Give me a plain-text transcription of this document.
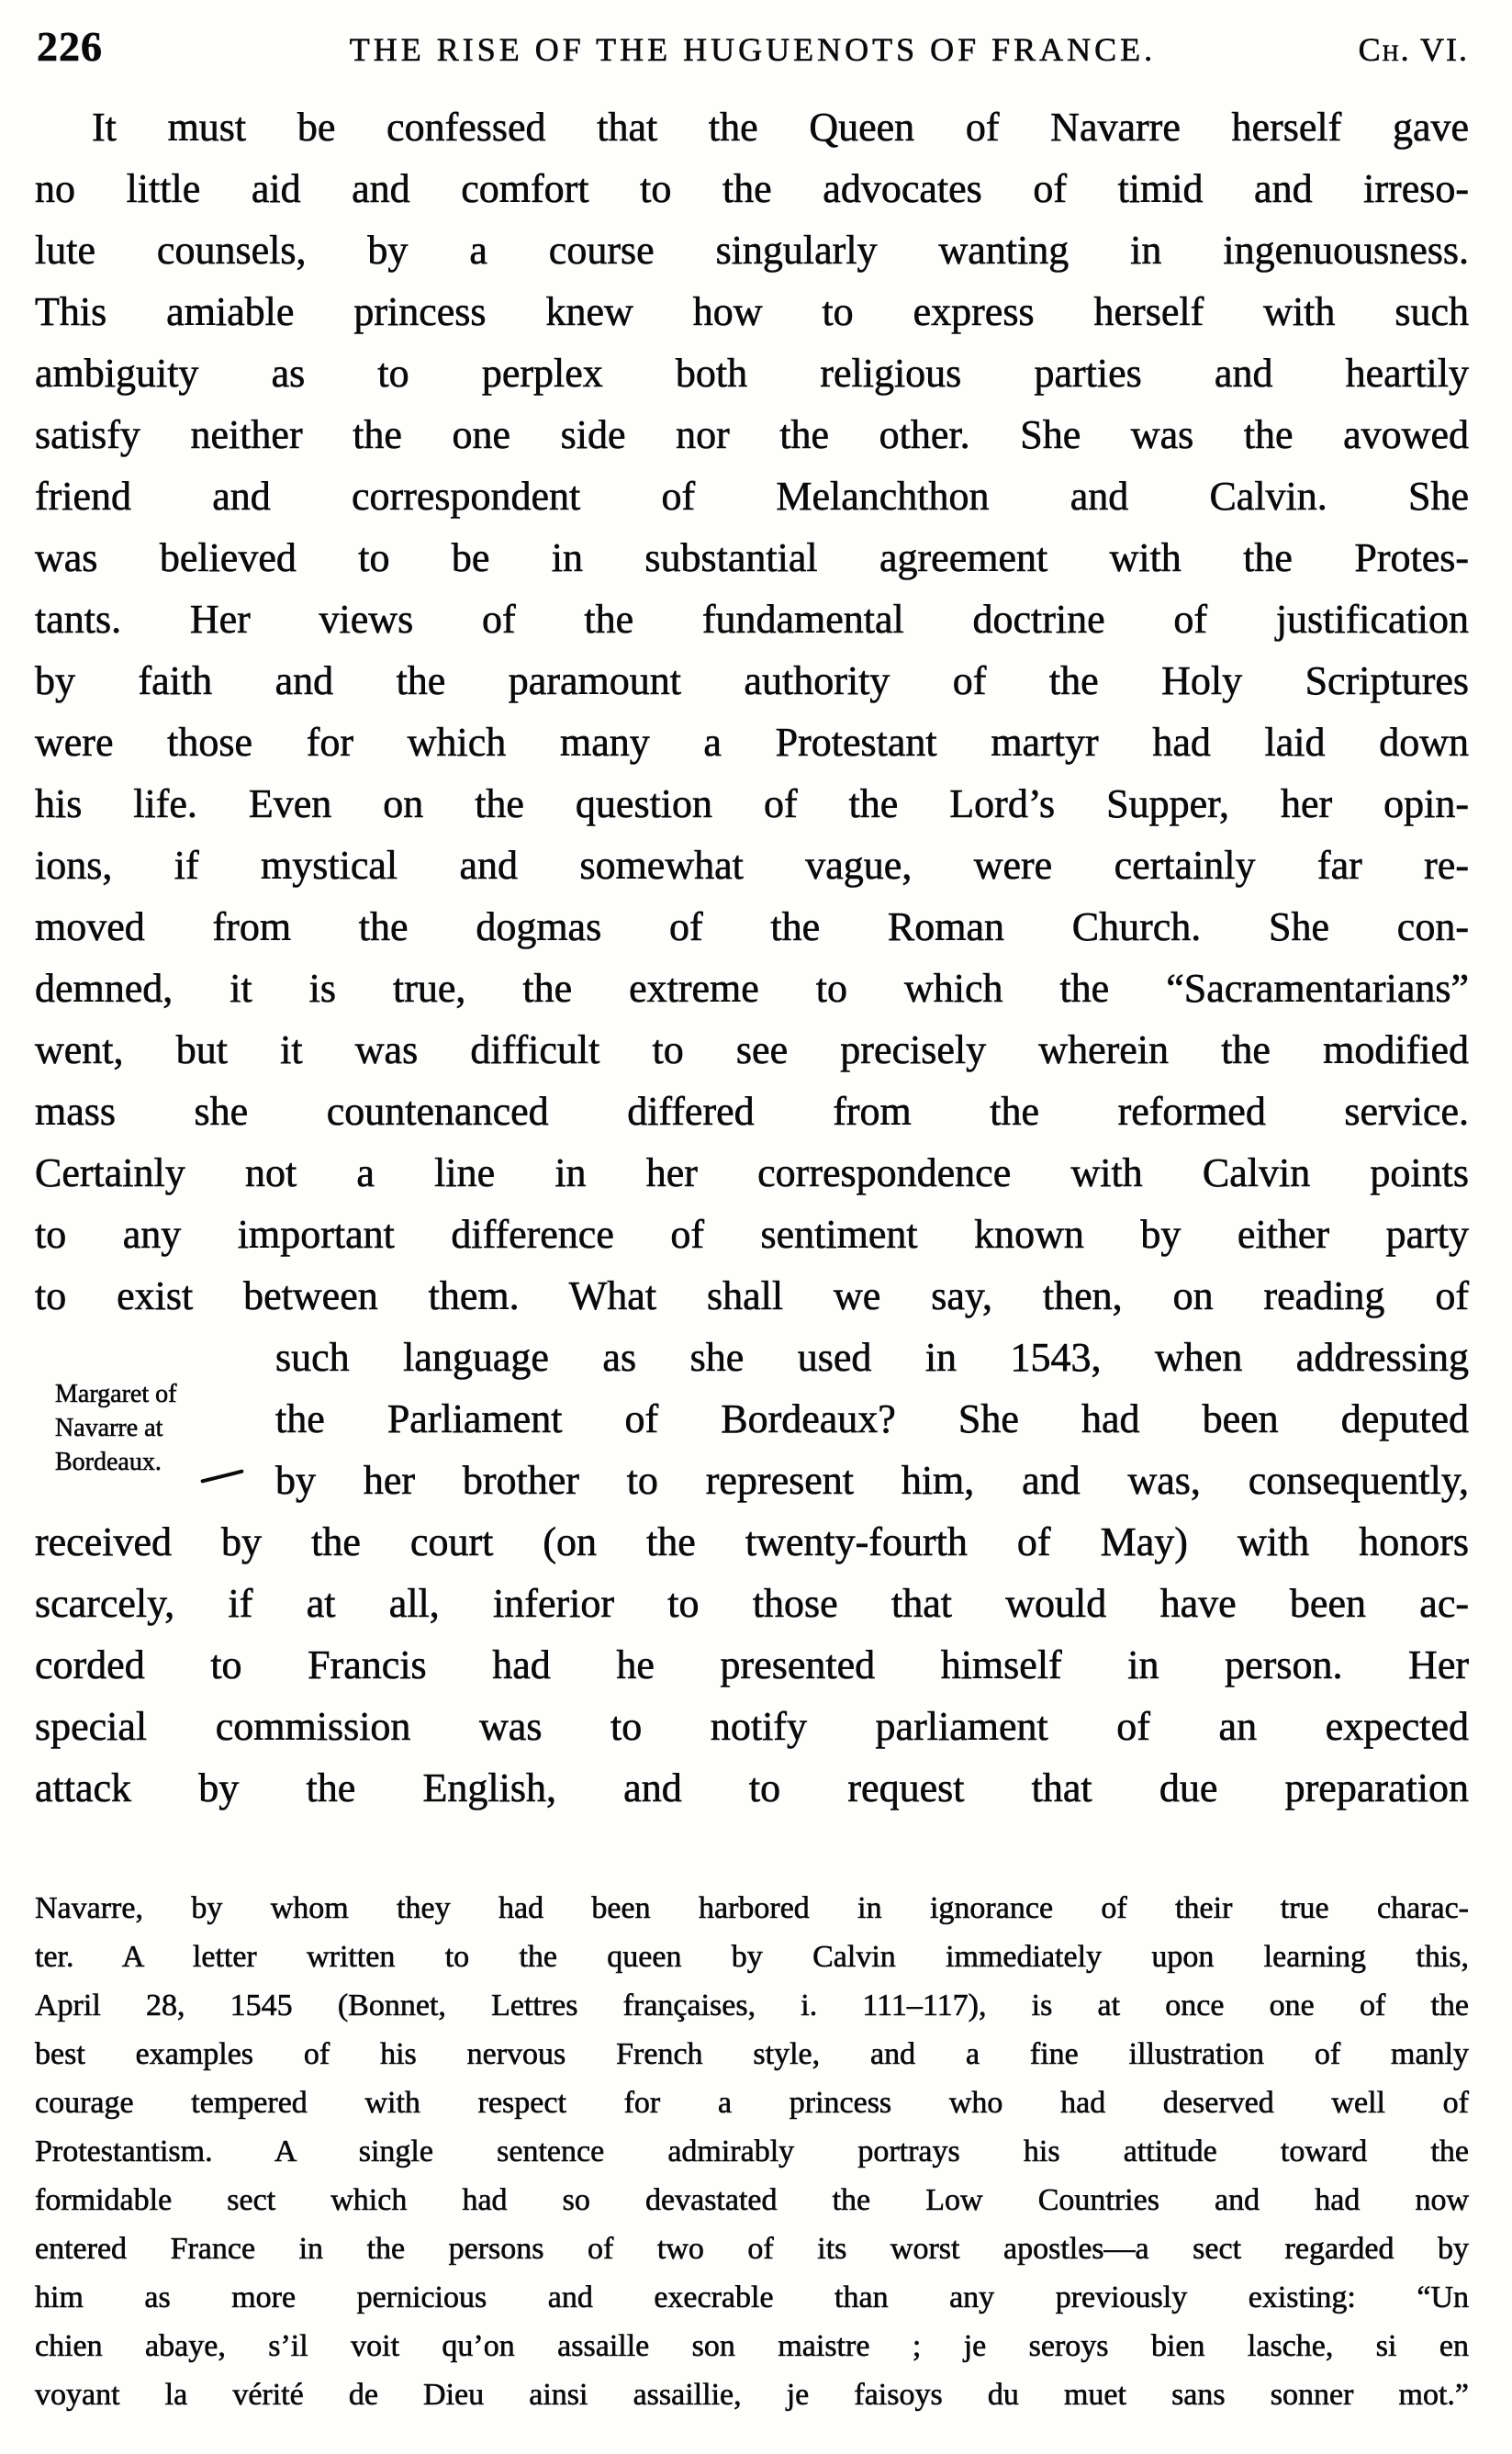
226	THE RISE OF THE HUGUENOTS OF FRANCE.	Ch. VI.
It must be confessed that the Queen of Navarre herself gave
no little aid and comfort to the advocates of timid and irreso-
lute counsels, by a course singularly wanting in ingenuousness.
This amiable princess knew how to express herself with such
ambiguity as to perplex both religious parties and heartily
satisfy neither the one side nor the other. She was the avowed
friend and correspondent of Melanchthon and Calvin. She
was believed to be in substantial agreement with the Protes-
tants. Her views of the fundamental doctrine of justification
by faith and the paramount authority of the Holy Scriptures
were those for which many a Protestant martyr had laid down
his life. Even on the question of the Lord’s Supper, her opin-
ions, if mystical and somewhat vague, were certainly far re-
moved from the dogmas of the Roman Church. She con-
demned, it is true, the extreme to which the “Sacramentarians”
went, but it was difficult to see precisely wherein the modified
mass she countenanced differed from the reformed service.
Certainly not a line in her correspondence with Calvin points
to any important difference of sentiment known by either party
to exist between them. What shall we say, then, on reading of
such language as she used in 1543, when addressing
the Parliament of Bordeaux? She had been deputed
by her brother to represent him, and was, consequently,
received by the court (on the twenty-fourth of May) with honors
scarcely, if at all, inferior to those that would have been ac-
corded to Francis had he presented himself in person. Her
special commission was to notify parliament of an expected
attack by the English, and to request that due preparation
Margaret of
Navarre at
Bordeaux.
Navarre, by whom they had been harbored in ignorance of their true charac-
ter. A letter written to the queen by Calvin immediately upon learning this,
April 28, 1545 (Bonnet, Lettres françaises, i. 111–117), is at once one of the
best examples of his nervous French style, and a fine illustration of manly
courage tempered with respect for a princess who had deserved well of
Protestantism. A single sentence admirably portrays his attitude toward the
formidable sect which had so devastated the Low Countries and had now
entered France in the persons of two of its worst apostles—a sect regarded by
him as more pernicious and execrable than any previously existing: “Un
chien abaye, s’il voit qu’on assaille son maistre ; je seroys bien lasche, si en
voyant la vérité de Dieu ainsi assaillie, je faisoys du muet sans sonner mot.”
